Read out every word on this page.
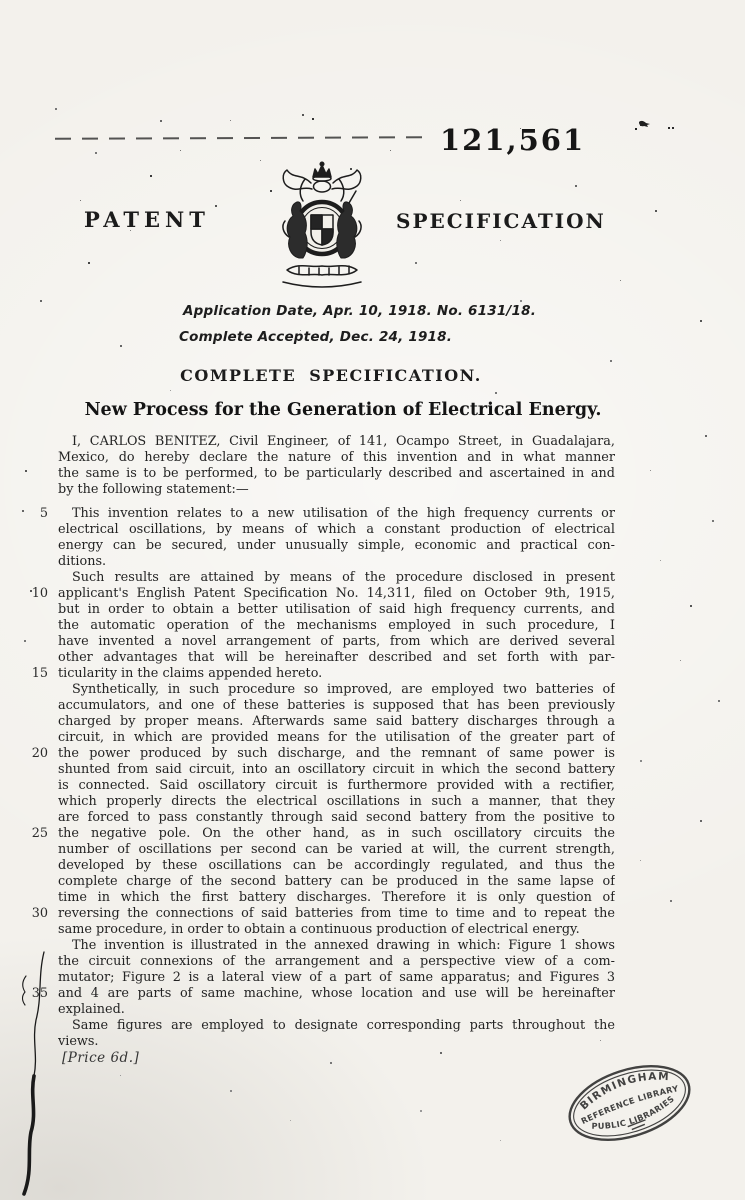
121,561
PATENT	SPECIFICATION
Application Date, Apr. 10, 1918. No. 6131/18.
Complete Accepted, Dec. 24, 1918.
COMPLETE SPECIFICATION.
New Process for the Generation of Electrical Energy.
I, CARLOS BENITEZ, Civil Engineer, of 141, Ocampo Street, in Guadalajara,
Mexico, do hereby declare the nature of this invention and in what manner
the same is to be performed, to be particularly described and ascertained in and
by the following statement:—
5	This invention relates to a new utilisation of the high frequency currents or
electrical oscillations, by means of which a constant production of electrical
energy can be secured, under unusually simple, economic and practical con-
ditions.
Such results are attained by means of the procedure disclosed in present
10 applicant's English Patent Specification No. 14,311, filed on October 9th, 1915,
but in order to obtain a better utilisation of said high frequency currents, and
the automatic operation of the mechanisms employed in such procedure, I
have invented a novel arrangement of parts, from which are derived several
other advantages that will be hereinafter described and set forth with par-
15 ticularity in the claims appended hereto.
Synthetically, in such procedure so improved, are employed two batteries of
accumulators, and one of these batteries is supposed that has been previously
charged by proper means. Afterwards same said battery discharges through a
circuit, in which are provided means for the utilisation of the greater part of
20 the power produced by such discharge, and the remnant of same power is
shunted from said circuit, into an oscillatory circuit in which the second battery
is connected. Said oscillatory circuit is furthermore provided with a rectifier,
which properly directs the electrical oscillations in such a manner, that they
are forced to pass constantly through said second battery from the positive to
25 the negative pole. On the other hand, as in such oscillatory circuits the
number of oscillations per second can be varied at will, the current strength,
developed by these oscillations can be accordingly regulated, and thus the
complete charge of the second battery can be produced in the same lapse of
time in which the first battery discharges. Therefore it is only question of
30 reversing the connections of said batteries from time to time and to repeat the
same procedure, in order to obtain a continuous production of electrical energy.
The invention is illustrated in the annexed drawing in which: Figure 1 shows
the circuit connexions of the arrangement and a perspective view of a com-
mutator; Figure 2 is a lateral view of a part of same apparatus; and Figures 3
35 and 4 are parts of same machine, whose location and use will be hereinafter
explained.
Same figures are employed to designate corresponding parts throughout the
views.
[Price 6d.]
BIRMINGHAM
REFERENCE LIBRARY
PUBLIC LIBRARIES
